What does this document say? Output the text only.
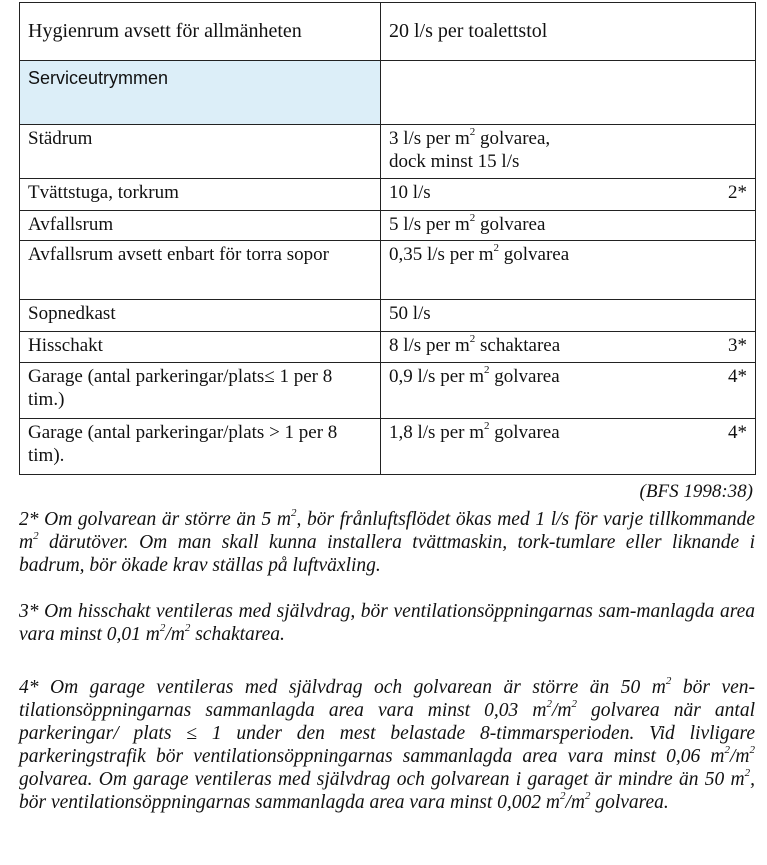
Hygienrum avsett för allmänheten	20 l/s per toalettstol
Serviceutrymmen	
Städrum	3 l/s per $m^2$ golvarea,
dock minst 15 l/s

Tvättstuga, torkrum	10 l/s 2*

Avfallsrum	5 l/s per $m^2$ golvarea

Avfallsrum avsett enbart för torra sopor	0,35 l/s per $m^2$ golvarea

Sopnedkast	50 l/s

Hisschakt	8 l/s per $m^2$ schaktarea 3*

Garage (antal parkeringar/plats≤ 1 per 8 tim.)	0,9 l/s per $m^2$ golvarea 4*

Garage (antal parkeringar/plats > 1 per 8 tim).	1,8 l/s per $m^2$ golvarea 4*
(BFS 1998:38)
2* Om golvarean är större än 5 $m^2$, bör frånluftsflödet ökas med 1 l/s för varje tillkommande $m^2$ därutöver. Om man skall kunna installera tvättmaskin, tork-tumlare eller liknande i badrum, bör ökade krav ställas på luftväxling.
3* Om hisschakt ventileras med självdrag, bör ventilationsöppningarnas sam-manlagda area vara minst 0,01 $m^2/m^2$ schaktarea.
4* Om garage ventileras med självdrag och golvarean är större än 50 $m^2$ bör ven-tilationsöppningarnas sammanlagda area vara minst 0,03 $m^2/m^2$ golvarea när antal parkeringar/ plats ≤ 1 under den mest belastade 8-timmarsperioden. Vid livligare parkeringstrafik bör ventilationsöppningarnas sammanlagda area vara minst 0,06 $m^2/m^2$ golvarea. Om garage ventileras med självdrag och golvarean i garaget är mindre än 50 $m^2$, bör ventilationsöppningarnas sammanlagda area vara minst 0,002 $m^2/m^2$ golvarea.
